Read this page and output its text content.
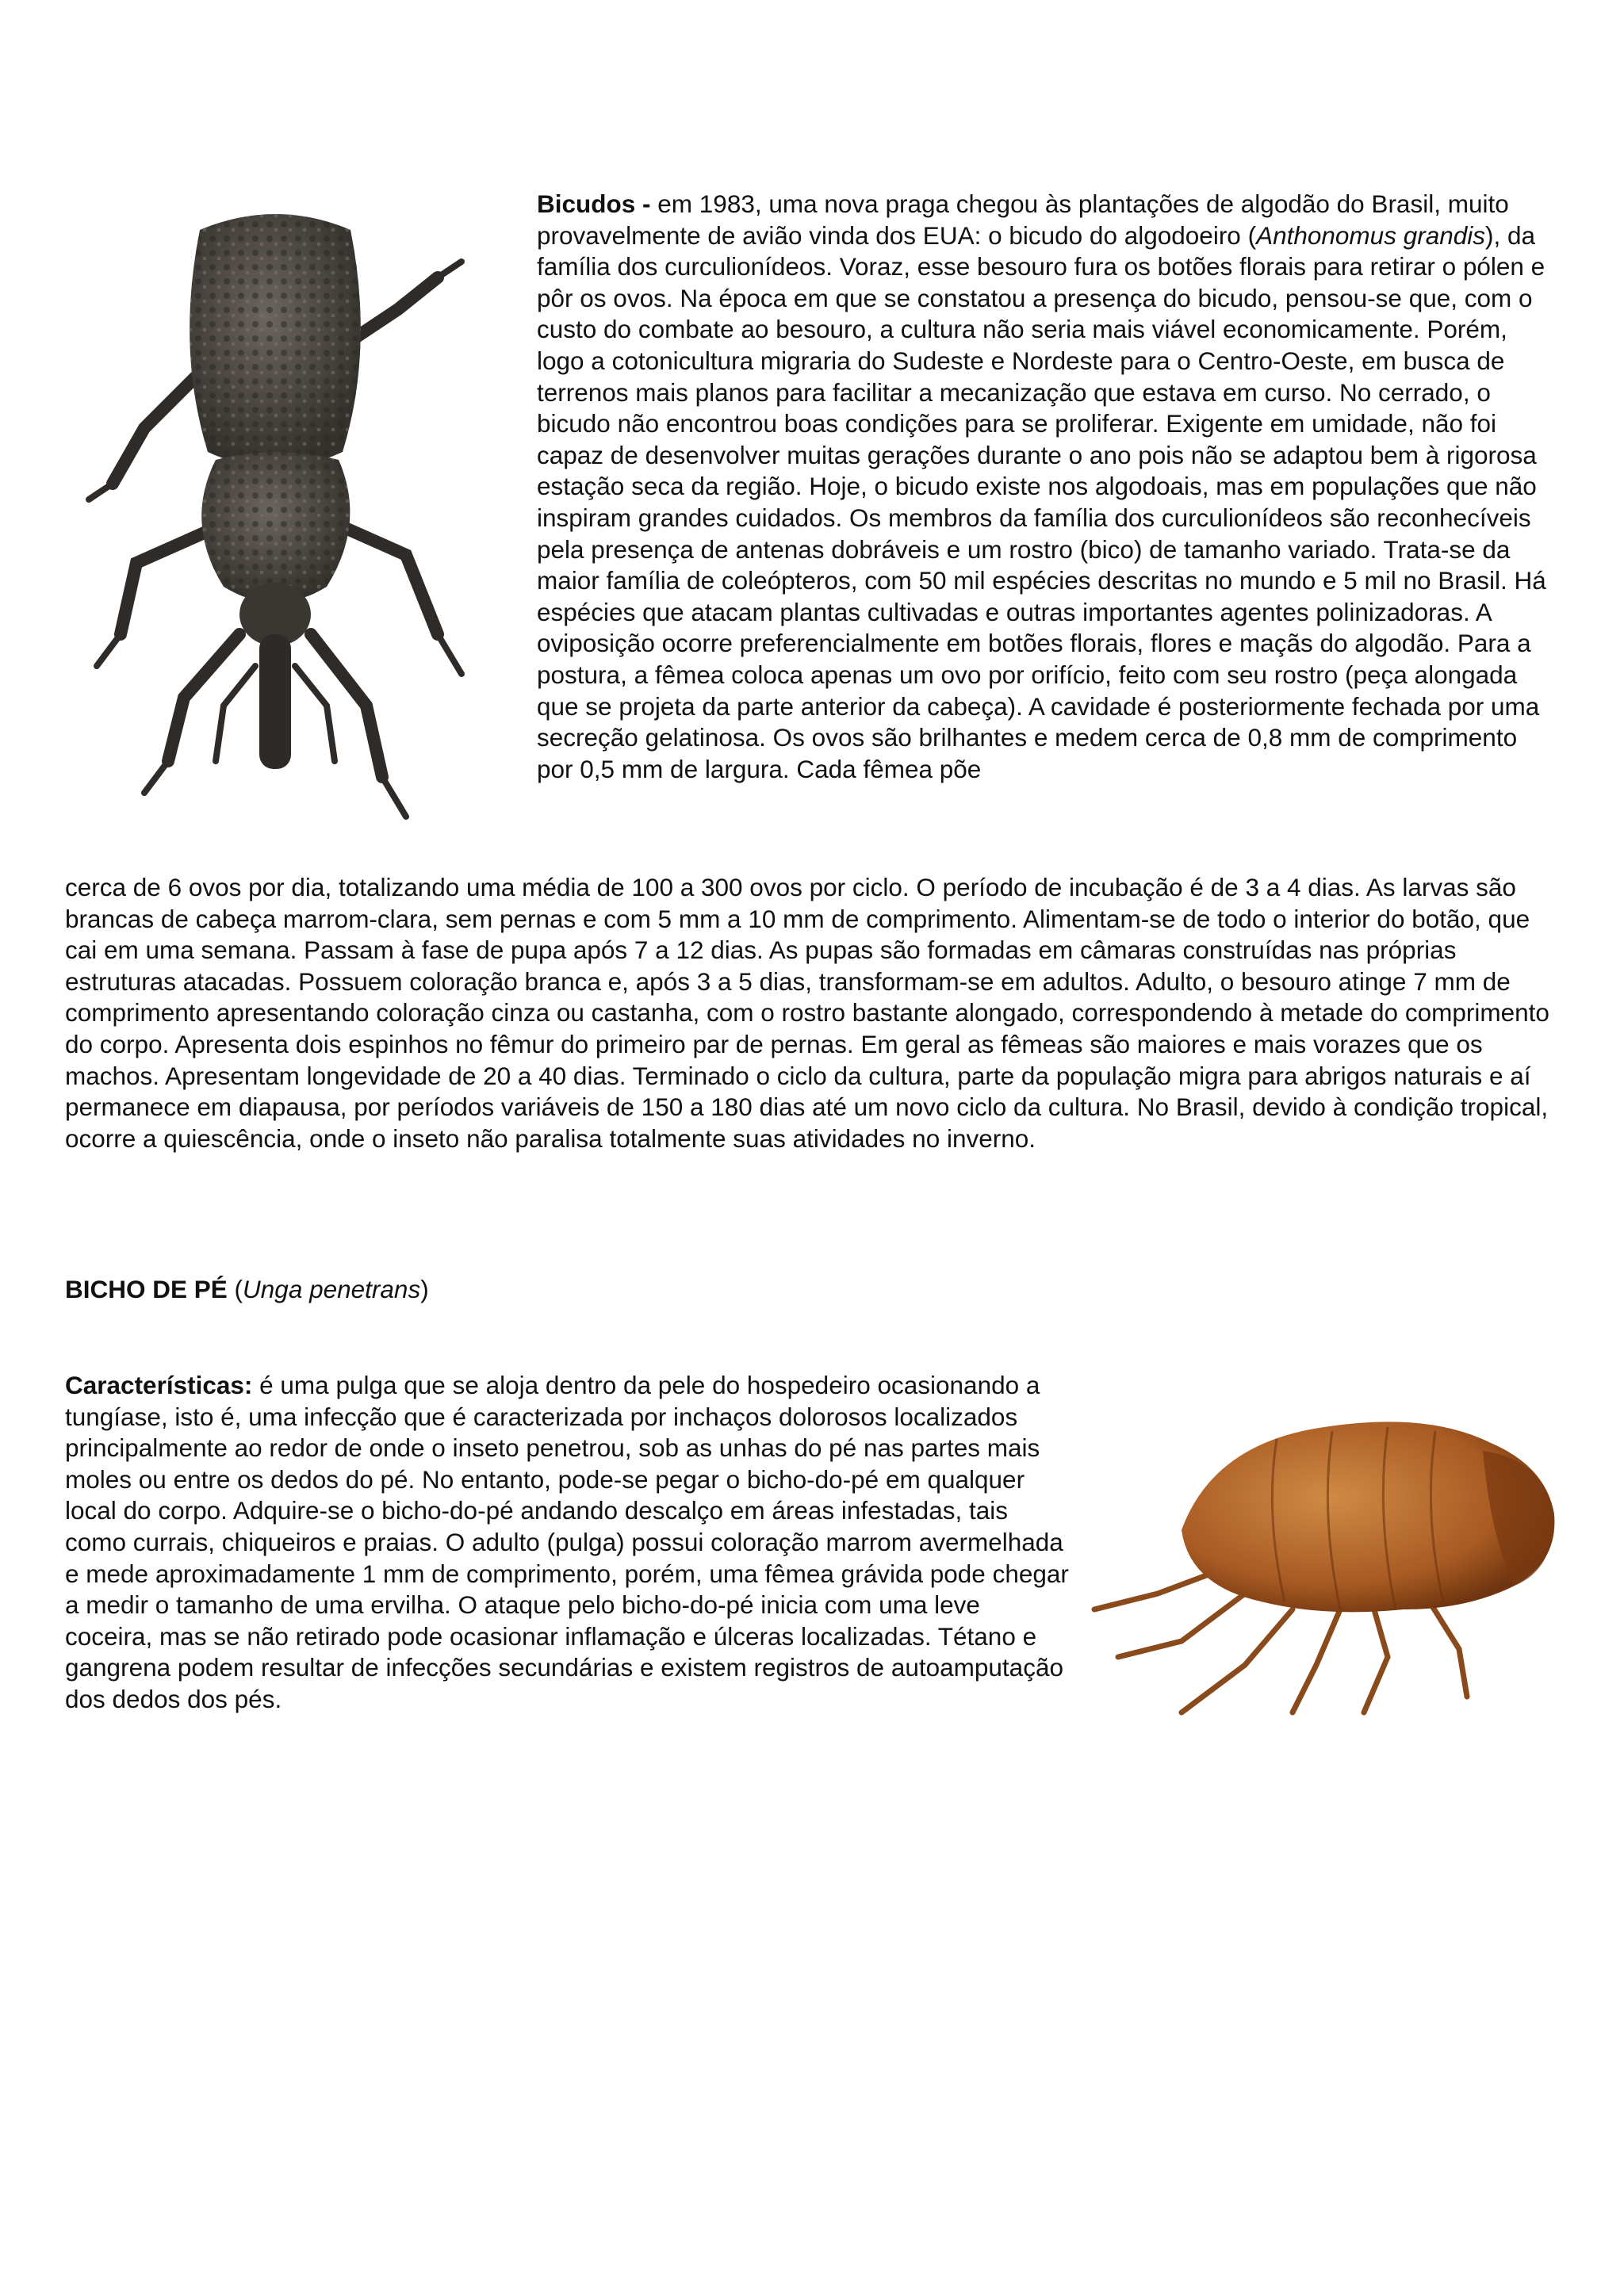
Bicudos - em 1983, uma nova praga chegou às plantações de algodão do Brasil, muito provavelmente de avião vinda dos EUA: o bicudo do algodoeiro (Anthonomus grandis), da família dos curculionídeos. Voraz, esse besouro fura os botões florais para retirar o pólen e pôr os ovos. Na época em que se constatou a presença do bicudo, pensou-se que, com o custo do combate ao besouro, a cultura não seria mais viável economicamente. Porém, logo a cotonicultura migraria do Sudeste e Nordeste para o Centro-Oeste, em busca de terrenos mais planos para facilitar a mecanização que estava em curso. No cerrado, o bicudo não encontrou boas condições para se proliferar. Exigente em umidade, não foi capaz de desenvolver muitas gerações durante o ano pois não se adaptou bem à rigorosa estação seca da região. Hoje, o bicudo existe nos algodoais, mas em populações que não inspiram grandes cuidados. Os membros da família dos curculionídeos são reconhecíveis pela presença de antenas dobráveis e um rostro (bico) de tamanho variado. Trata-se da maior família de coleópteros, com 50 mil espécies descritas no mundo e 5 mil no Brasil. Há espécies que atacam plantas cultivadas e outras importantes agentes polinizadoras. A oviposição ocorre preferencialmente em botões florais, flores e maçãs do algodão. Para a postura, a fêmea coloca apenas um ovo por orifício, feito com seu rostro (peça alongada que se projeta da parte anterior da cabeça). A cavidade é posteriormente fechada por uma secreção gelatinosa. Os ovos são brilhantes e medem cerca de 0,8 mm de comprimento por 0,5 mm de largura. Cada fêmea põe

cerca de 6 ovos por dia, totalizando uma média de 100 a 300 ovos por ciclo. O período de incubação é de 3 a 4 dias. As larvas são brancas de cabeça marrom-clara, sem pernas e com 5 mm a 10 mm de comprimento. Alimentam-se de todo o interior do botão, que cai em uma semana. Passam à fase de pupa após 7 a 12 dias. As pupas são formadas em câmaras construídas nas próprias estruturas atacadas. Possuem coloração branca e, após 3 a 5 dias, transformam-se em adultos. Adulto, o besouro atinge 7 mm de comprimento apresentando coloração cinza ou castanha, com o rostro bastante alongado, correspondendo à metade do comprimento do corpo. Apresenta dois espinhos no fêmur do primeiro par de pernas. Em geral as fêmeas são maiores e mais vorazes que os machos. Apresentam longevidade de 20 a 40 dias. Terminado o ciclo da cultura, parte da população migra para abrigos naturais e aí permanece em diapausa, por períodos variáveis de 150 a 180 dias até um novo ciclo da cultura. No Brasil, devido à condição tropical, ocorre a quiescência, onde o inseto não paralisa totalmente suas atividades no inverno.

BICHO DE PÉ (Unga penetrans)

Características: é uma pulga que se aloja dentro da pele do hospedeiro ocasionando a tungíase, isto é, uma infecção que é caracterizada por inchaços dolorosos localizados principalmente ao redor de onde o inseto penetrou, sob as unhas do pé nas partes mais moles ou entre os dedos do pé. No entanto, pode-se pegar o bicho-do-pé em qualquer local do corpo. Adquire-se o bicho-do-pé andando descalço em áreas infestadas, tais como currais, chiqueiros e praias. O adulto (pulga) possui coloração marrom avermelhada e mede aproximadamente 1 mm de comprimento, porém, uma fêmea grávida pode chegar a medir o tamanho de uma ervilha. O ataque pelo bicho-do-pé inicia com uma leve coceira, mas se não retirado pode ocasionar inflamação e úlceras localizadas. Tétano e gangrena podem resultar de infecções secundárias e existem registros de autoamputação dos dedos dos pés.
